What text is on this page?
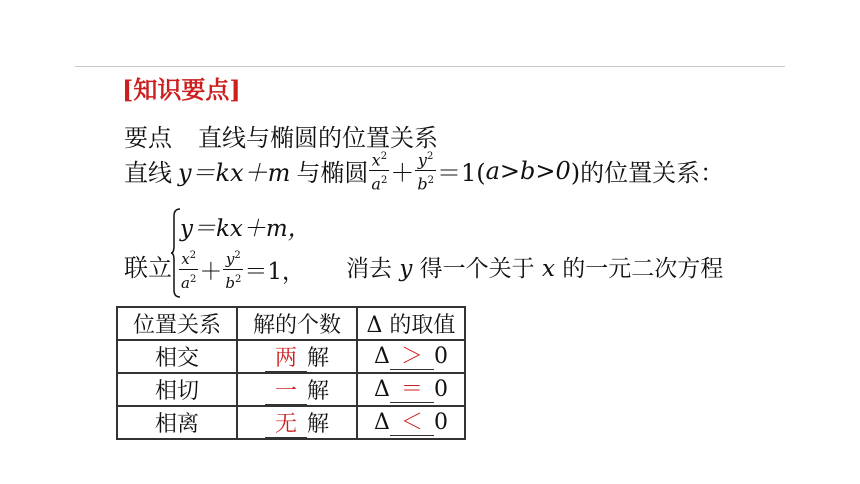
[知识要点]
要点 直线与椭圆的位置关系
直线 y＝kx＋m 与椭圆 $\frac{x^2}{a^2} + \frac{y^2}{b^2} =1$( a>b>0 )的位置关系：
联立
y＝kx＋m，
$\frac{x^2}{a^2} + \frac{y^2}{b^2} =1$， 消去 y 得一个关于 x 的一元二次方程
位置关系	解的个数	Δ 的取值
相交	两 解	Δ ＞ 0
相切	一 解	Δ ＝ 0
相离	无 解	Δ ＜ 0
